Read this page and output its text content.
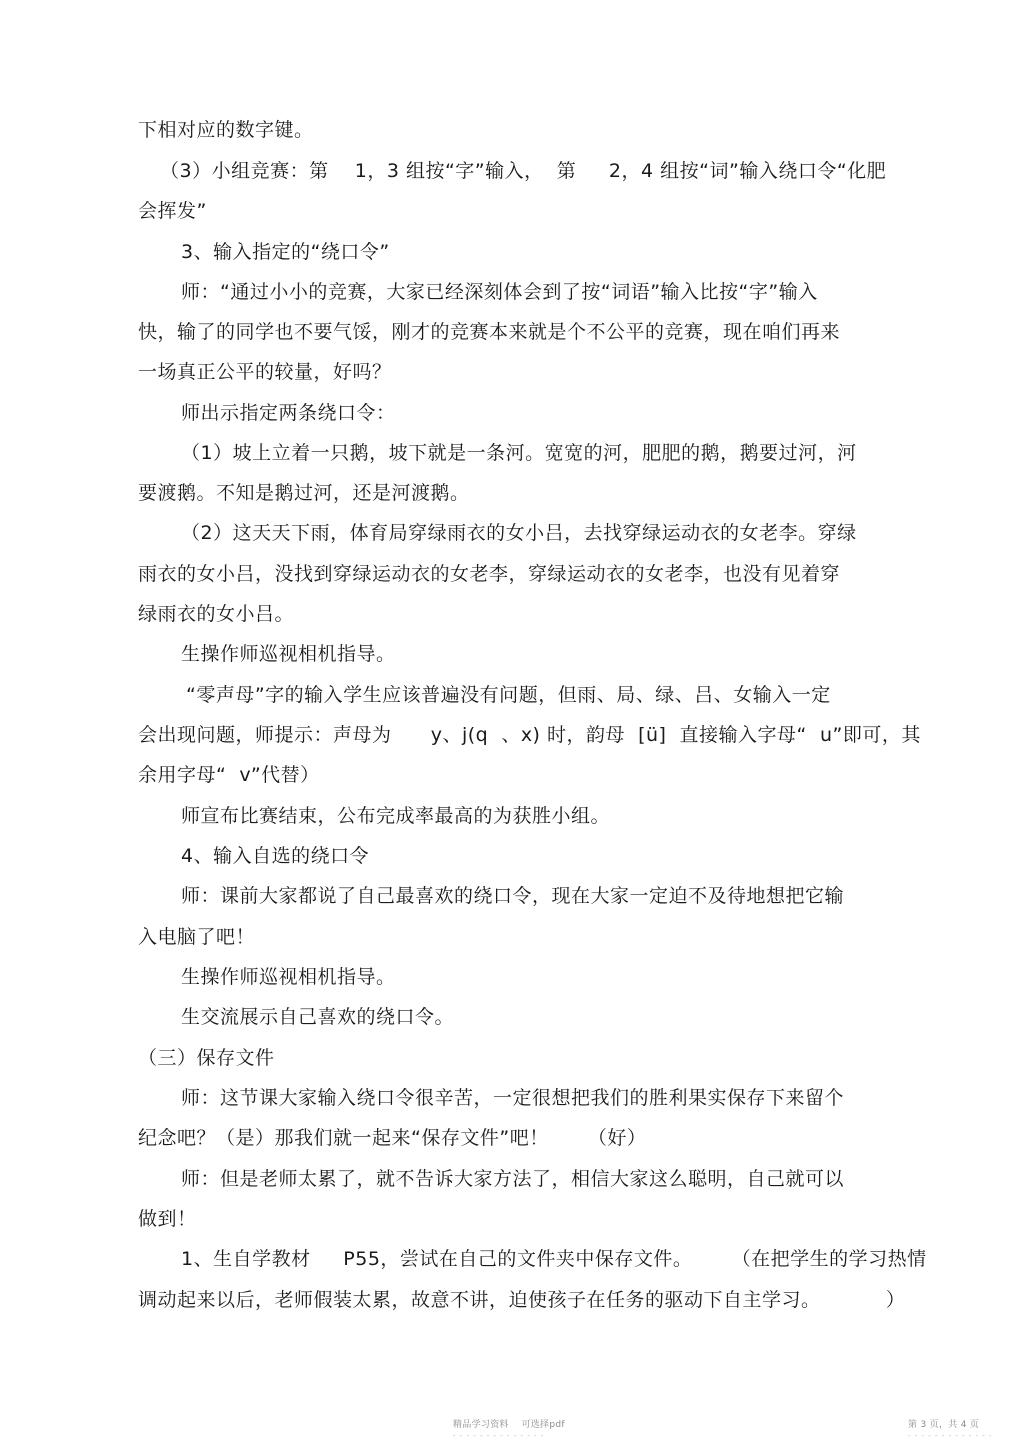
下相对应的数字键。
（3）小组竞赛：第    1，3 组按“字”输入，  第     2，4 组按“词”输入绕口令“化肥
会挥发”
3、输入指定的“绕口令”
师：“通过小小的竞赛，大家已经深刻体会到了按“词语”输入比按“字”输入
快，输了的同学也不要气馁，刚才的竞赛本来就是个不公平的竞赛，现在咱们再来
一场真正公平的较量，好吗？
师出示指定两条绕口令：
（1）坡上立着一只鹅，坡下就是一条河。宽宽的河，肥肥的鹅，鹅要过河，河
要渡鹅。不知是鹅过河，还是河渡鹅。
（2）这天天下雨，体育局穿绿雨衣的女小吕，去找穿绿运动衣的女老李。穿绿
雨衣的女小吕，没找到穿绿运动衣的女老李，穿绿运动衣的女老李，也没有见着穿
绿雨衣的女小吕。
生操作师巡视相机指导。
“零声母”字的输入学生应该普遍没有问题，但雨、局、绿、吕、女输入一定
会出现问题，师提示：声母为      y、j(q  、x) 时，韵母  [ü]  直接输入字母“  u”即可，其
余用字母“  v”代替）
师宣布比赛结束，公布完成率最高的为获胜小组。
4、输入自选的绕口令
师：课前大家都说了自己最喜欢的绕口令，现在大家一定迫不及待地想把它输
入电脑了吧！
生操作师巡视相机指导。
生交流展示自己喜欢的绕口令。
（三）保存文件
师：这节课大家输入绕口令很辛苦，一定很想把我们的胜利果实保存下来留个
纪念吧？（是）那我们就一起来“保存文件”吧！      （好）
师：但是老师太累了，就不告诉大家方法了，相信大家这么聪明，自己就可以
做到！
1、生自学教材     P55，尝试在自己的文件夹中保存文件。      （在把学生的学习热情
调动起来以后，老师假装太累，故意不讲，迫使孩子在任务的驱动下自主学习。          ）
精品学习资料    可选择pdf
- - - - - - - - - - - - - -
第 3 页，共 4 页
- - - - - - - - - - - - -
